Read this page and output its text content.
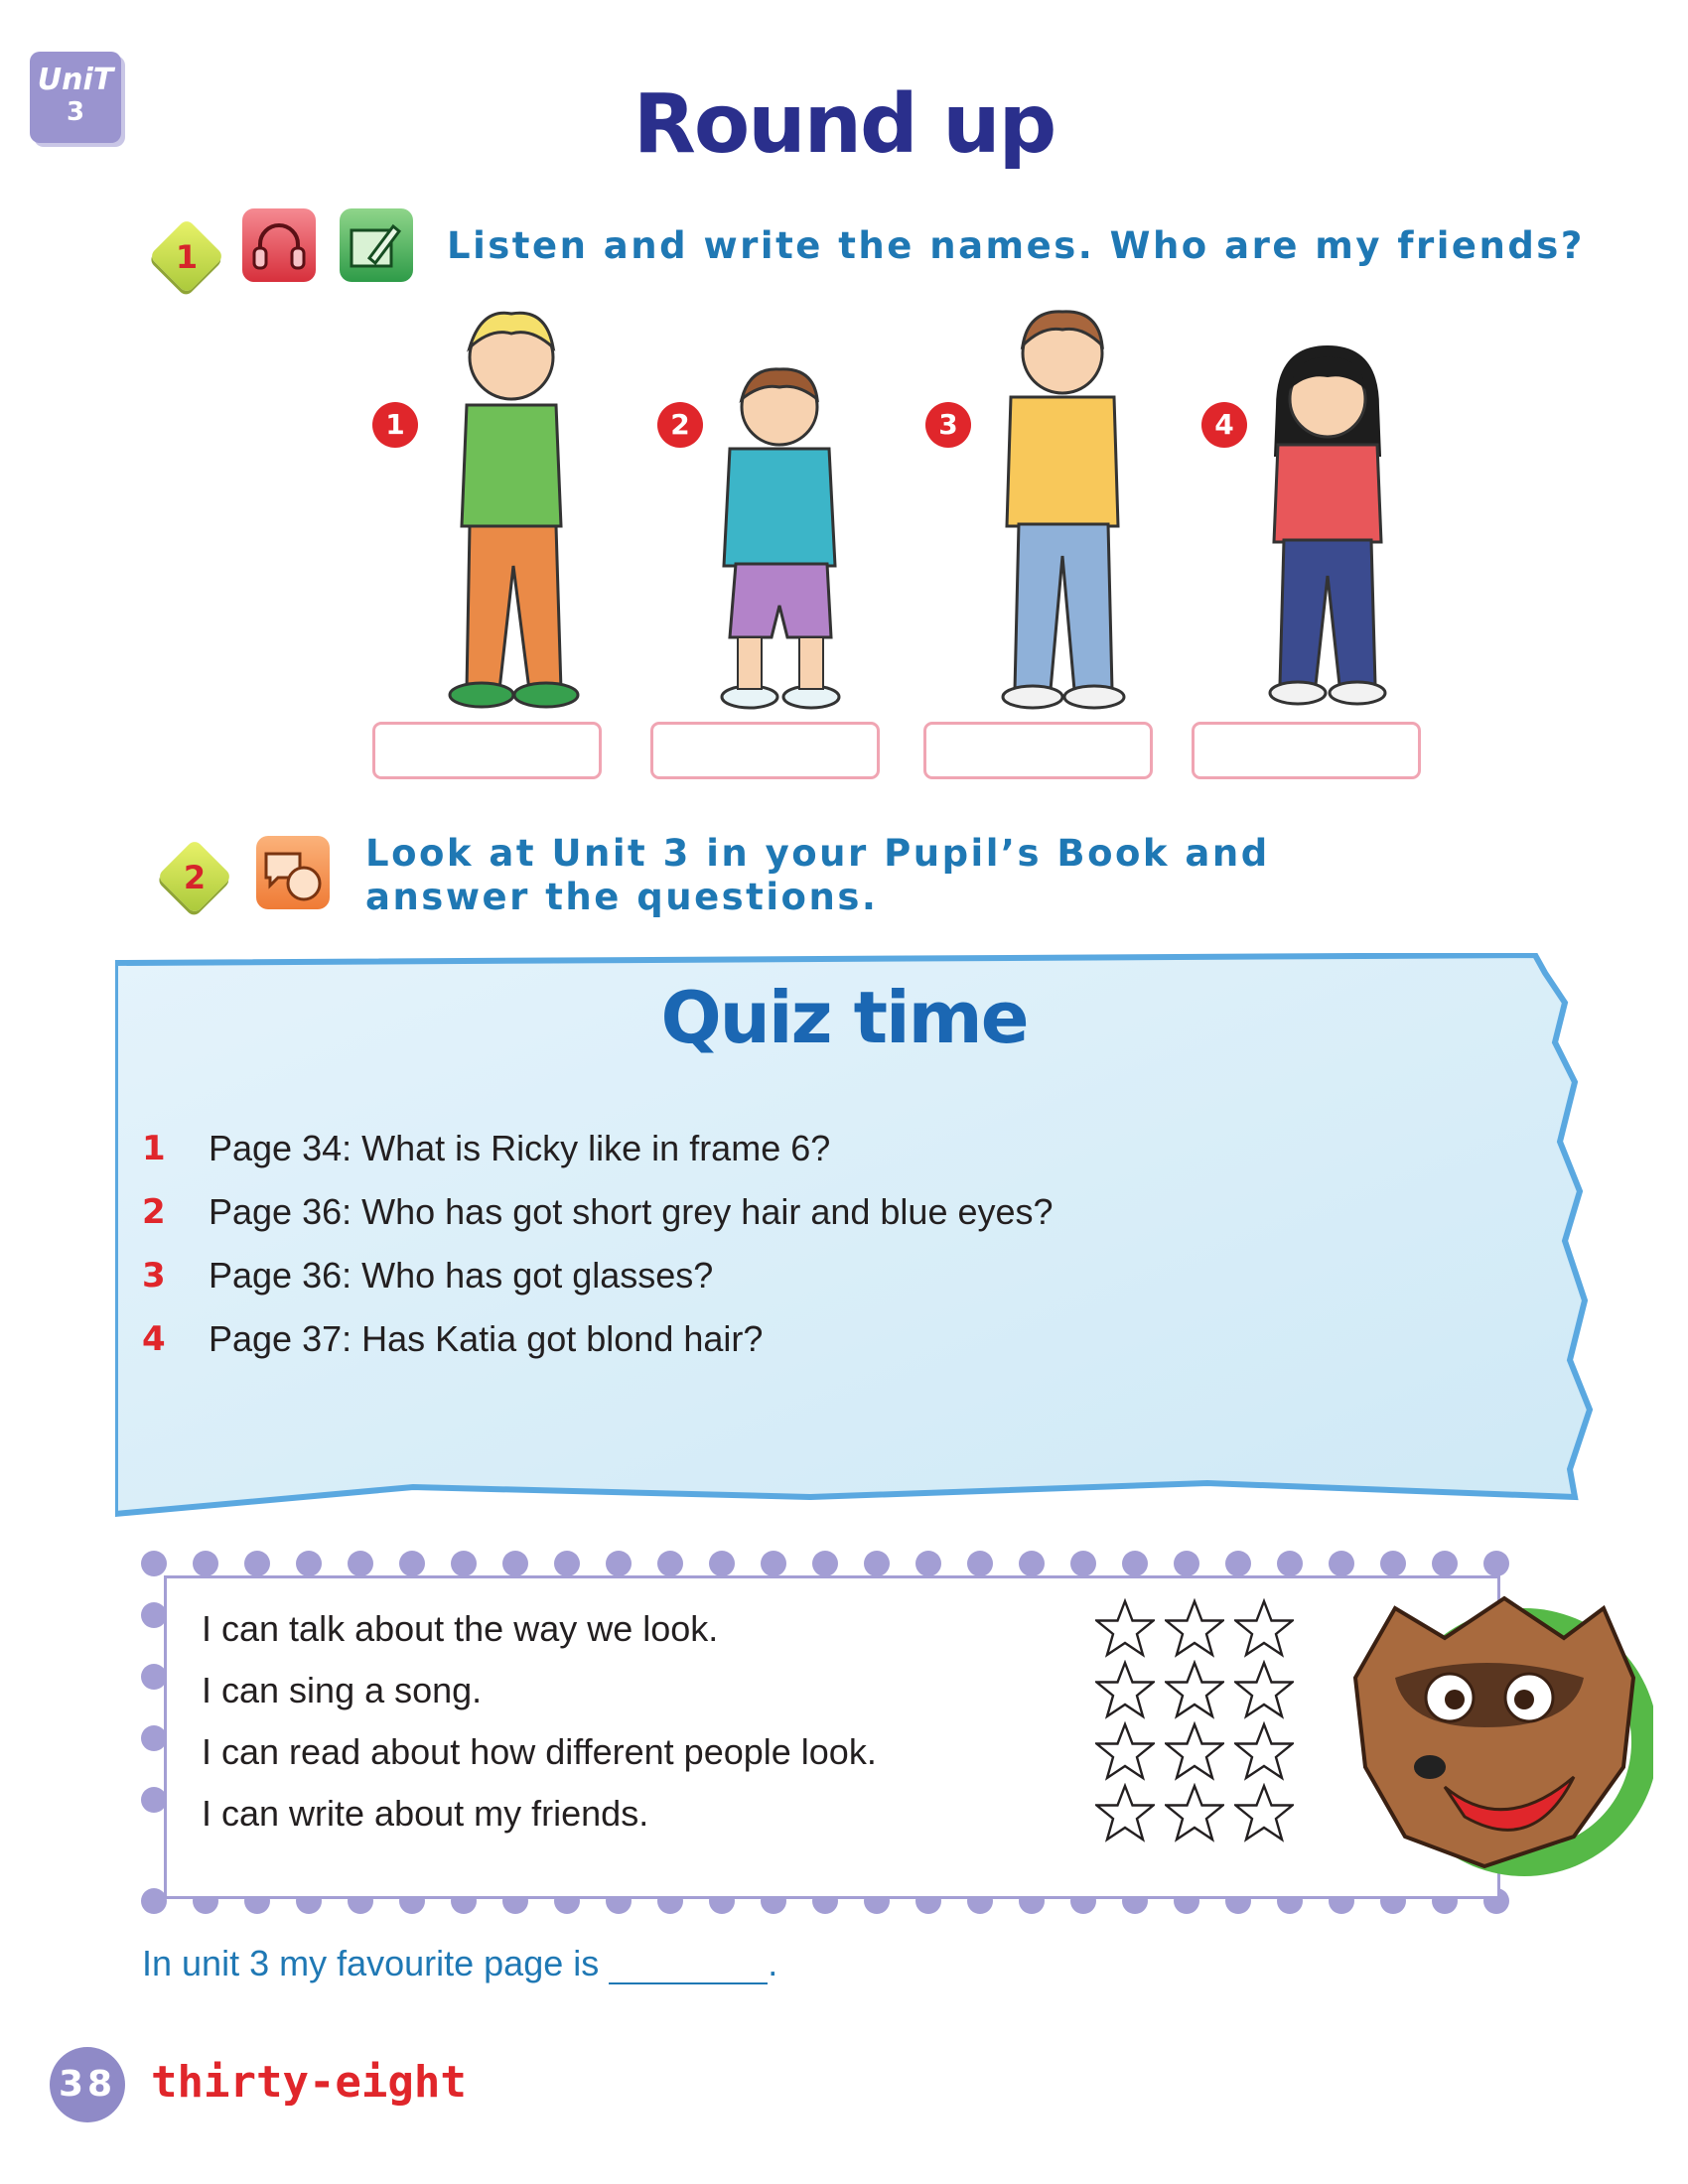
UniT
3	Round up
1	Listen and write the names. Who are my friends?
1	2	3	4
2
Look at Unit 3 in your Pupil’s Book and
answer the questions.
Quiz time
1	Page 34: What is Ricky like in frame 6?
2	Page 36: Who has got short grey hair and blue eyes?
3	Page 36: Who has got glasses?
4	Page 37: Has Katia got blond hair?
I can talk about the way we look.
I can sing a song.
I can read about how different people look.
I can write about my friends.
In unit 3 my favourite page is	.
38 thirty-eight
